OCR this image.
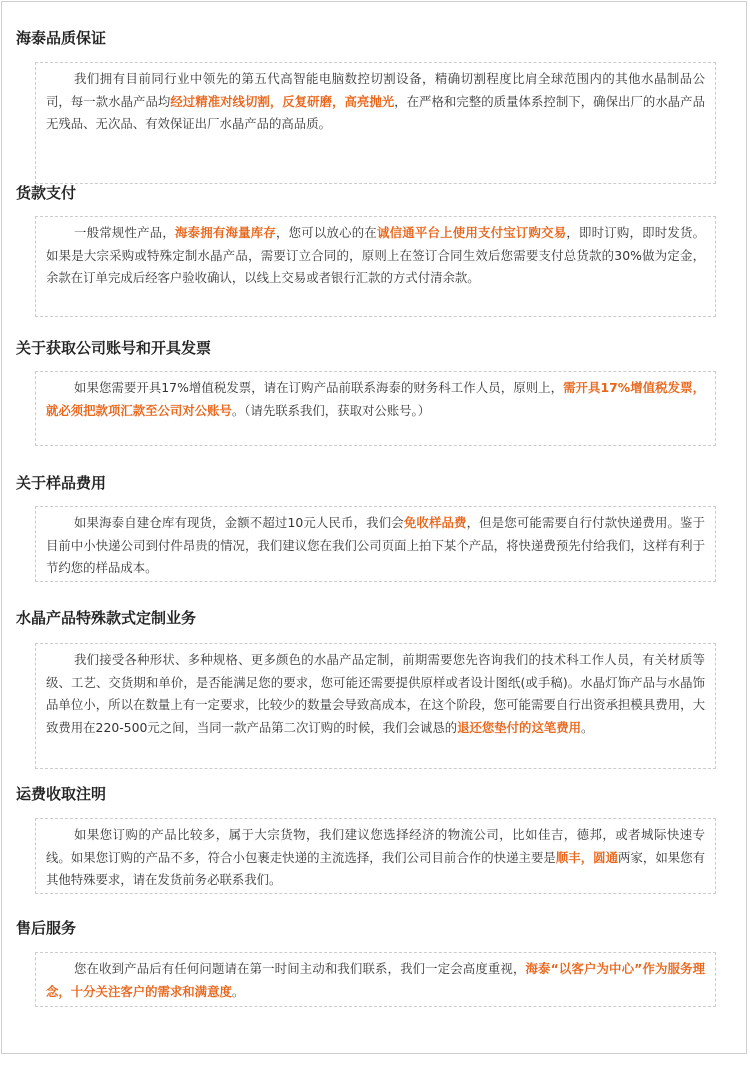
海泰品质保证
我们拥有目前同行业中领先的第五代高智能电脑数控切割设备，精确切割程度比肩全球范围内的其他水晶制品公司，每一款水晶产品均经过精准对线切割，反复研磨，高亮抛光，在严格和完整的质量体系控制下，确保出厂的水晶产品无残品、无次品、有效保证出厂水晶产品的高品质。
货款支付
一般常规性产品，海泰拥有海量库存，您可以放心的在诚信通平台上使用支付宝订购交易，即时订购，即时发货。如果是大宗采购或特殊定制水晶产品，需要订立合同的，原则上在签订合同生效后您需要支付总货款的30%做为定金，余款在订单完成后经客户验收确认，以线上交易或者银行汇款的方式付清余款。
关于获取公司账号和开具发票
如果您需要开具17%增值税发票，请在订购产品前联系海泰的财务科工作人员，原则上，需开具17%增值税发票，就必须把款项汇款至公司对公账号。（请先联系我们，获取对公账号。）
关于样品费用
如果海泰自建仓库有现货，金额不超过10元人民币，我们会免收样品费，但是您可能需要自行付款快递费用。鉴于目前中小快递公司到付件昂贵的情况，我们建议您在我们公司页面上拍下某个产品，将快递费预先付给我们，这样有利于节约您的样品成本。
水晶产品特殊款式定制业务
我们接受各种形状、多种规格、更多颜色的水晶产品定制，前期需要您先咨询我们的技术科工作人员，有关材质等级、工艺、交货期和单价，是否能满足您的要求，您可能还需要提供原样或者设计图纸(或手稿)。水晶灯饰产品与水晶饰品单位小，所以在数量上有一定要求，比较少的数量会导致高成本，在这个阶段，您可能需要自行出资承担模具费用，大致费用在220-500元之间，当同一款产品第二次订购的时候，我们会诚恳的退还您垫付的这笔费用。
运费收取注明
如果您订购的产品比较多，属于大宗货物，我们建议您选择经济的物流公司，比如佳吉，德邦，或者城际快速专线。如果您订购的产品不多，符合小包裹走快递的主流选择，我们公司目前合作的快递主要是顺丰，圆通两家，如果您有其他特殊要求，请在发货前务必联系我们。
售后服务
您在收到产品后有任何问题请在第一时间主动和我们联系，我们一定会高度重视，海泰“以客户为中心”作为服务理念，十分关注客户的需求和满意度。
